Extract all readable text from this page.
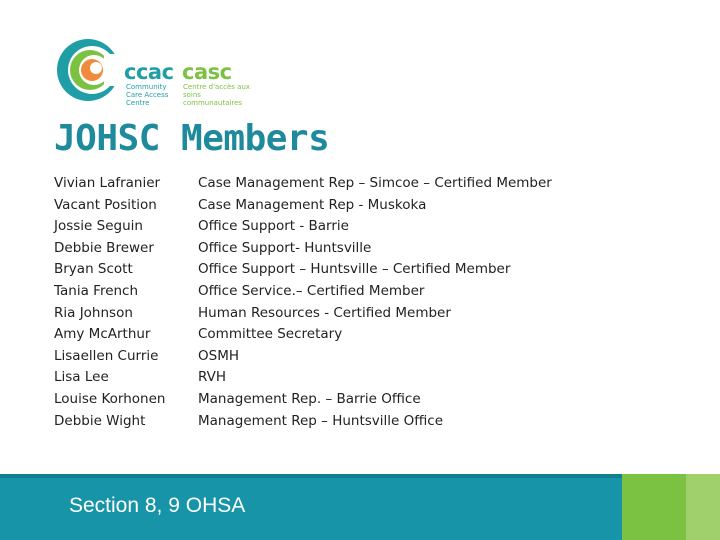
ccac casc
Community Care Access Centre
Centre d'accès aux soins communautaires
JOHSC Members
Vivian Lafranier	Case Management Rep – Simcoe – Certified Member
Vacant Position	Case Management Rep - Muskoka
Jossie Seguin	Office Support - Barrie
Debbie Brewer	Office Support- Huntsville
Bryan Scott	Office Support – Huntsville – Certified Member
Tania French	Office Service.– Certified Member
Ria Johnson	Human Resources - Certified Member
Amy McArthur	Committee Secretary
Lisaellen Currie	OSMH
Lisa Lee	RVH
Louise Korhonen	Management Rep. – Barrie Office
Debbie Wight	Management Rep – Huntsville Office
Section 8, 9 OHSA
